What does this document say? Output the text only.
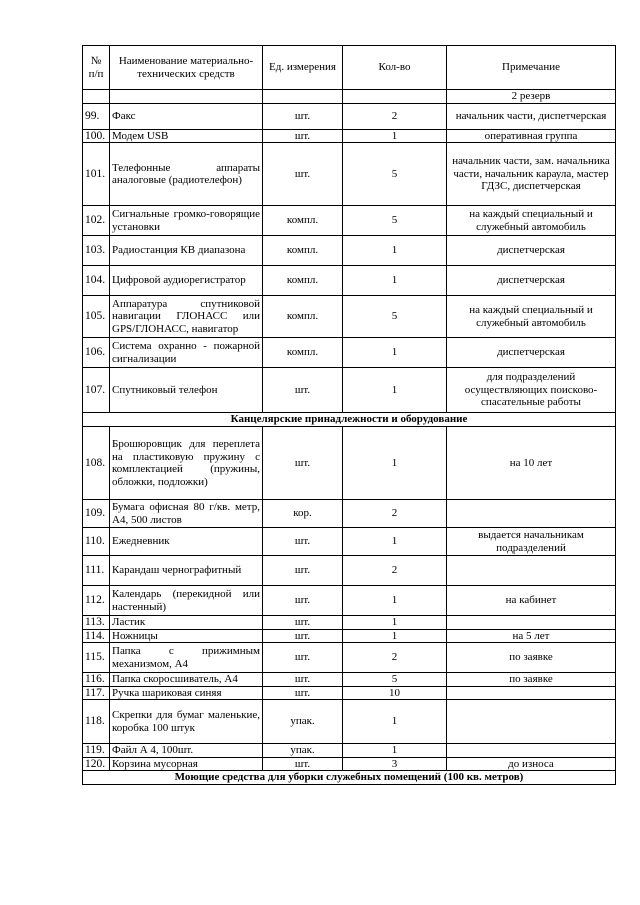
№ п/п	Наименование материально-технических средств	Ед. измерения	Кол-во	Примечание
				2 резерв
99.	Факс	шт.	2	начальник части, диспетчерская
100.	Модем USB	шт.	1	оперативная группа
101.	Телефонные аппараты аналоговые (радиотелефон)	шт.	5	начальник части, зам. начальника части, начальник караула, мастер ГДЗС, диспетчерская
102.	Сигнальные громко-говорящие установки	компл.	5	на каждый специальный и служебный автомобиль
103.	Радиостанция КВ диапазона	компл.	1	диспетчерская
104.	Цифровой аудиорегистратор	компл.	1	диспетчерская
105.	Аппаратура спутниковой навигации ГЛОНАСС или GPS/ГЛОНАСС, навигатор	компл.	5	на каждый специальный и служебный автомобиль
106.	Система охранно - пожарной сигнализации	компл.	1	диспетчерская
107.	Спутниковый телефон	шт.	1	для подразделений осуществляющих поисково-спасательные работы
Канцелярские принадлежности и оборудование				
108.	Брошюровщик для переплета на пластиковую пружину с комплектацией (пружины, обложки, подложки)	шт.	1	на 10 лет
109.	Бумага офисная 80 г/кв. метр, А4, 500 листов	кор.	2	
110.	Ежедневник	шт.	1	выдается начальникам подразделений
111.	Карандаш чернографитный	шт.	2	
112.	Календарь (перекидной или настенный)	шт.	1	на кабинет
113.	Ластик	шт.	1	
114.	Ножницы	шт.	1	на 5 лет
115.	Папка с прижимным механизмом, А4	шт.	2	по заявке
116.	Папка скоросшиватель, А4	шт.	5	по заявке
117.	Ручка шариковая синяя	шт.	10	
118.	Скрепки для бумаг маленькие, коробка 100 штук	упак.	1	
119.	Файл А 4, 100шт.	упак.	1	
120.	Корзина мусорная	шт.	3	до износа
Моющие средства для уборки служебных помещений (100 кв. метров)				
